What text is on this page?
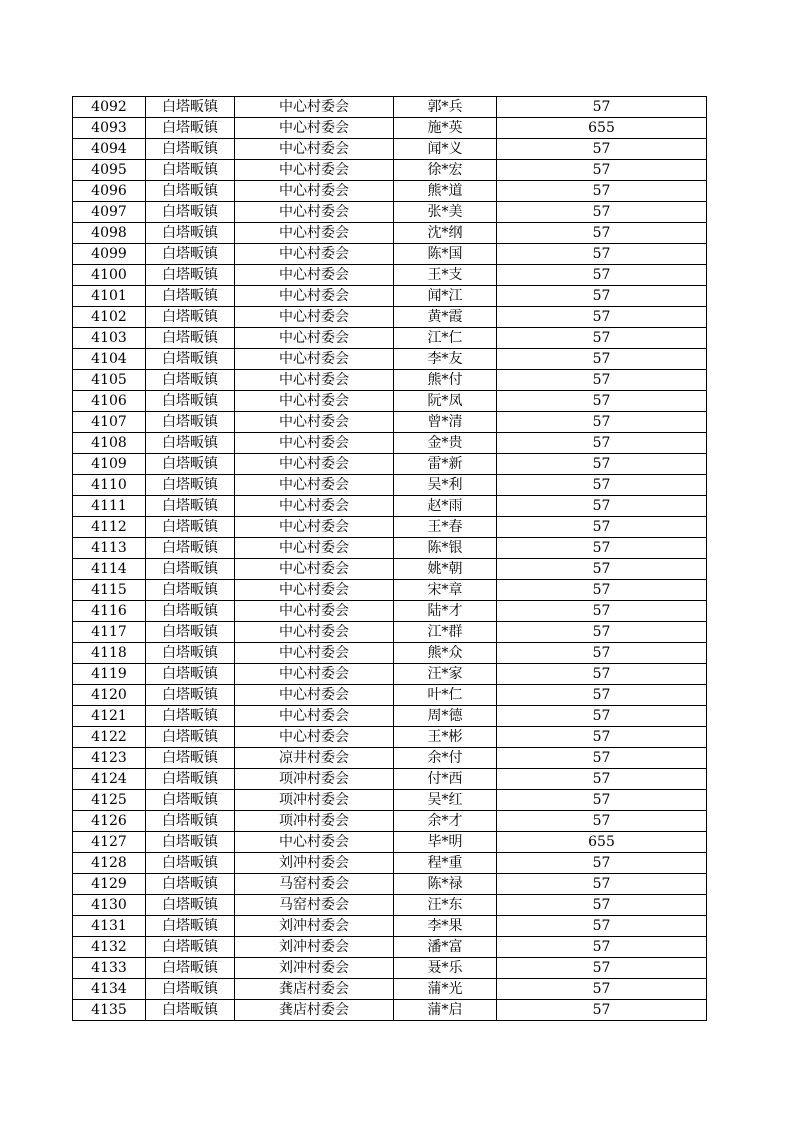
4092	白塔畈镇	中心村委会	郭*兵	57
4093	白塔畈镇	中心村委会	施*英	655
4094	白塔畈镇	中心村委会	闻*义	57
4095	白塔畈镇	中心村委会	徐*宏	57
4096	白塔畈镇	中心村委会	熊*道	57
4097	白塔畈镇	中心村委会	张*美	57
4098	白塔畈镇	中心村委会	沈*纲	57
4099	白塔畈镇	中心村委会	陈*国	57
4100	白塔畈镇	中心村委会	王*支	57
4101	白塔畈镇	中心村委会	闻*江	57
4102	白塔畈镇	中心村委会	黄*霞	57
4103	白塔畈镇	中心村委会	江*仁	57
4104	白塔畈镇	中心村委会	李*友	57
4105	白塔畈镇	中心村委会	熊*付	57
4106	白塔畈镇	中心村委会	阮*凤	57
4107	白塔畈镇	中心村委会	曾*清	57
4108	白塔畈镇	中心村委会	金*贵	57
4109	白塔畈镇	中心村委会	雷*新	57
4110	白塔畈镇	中心村委会	吴*利	57
4111	白塔畈镇	中心村委会	赵*雨	57
4112	白塔畈镇	中心村委会	王*春	57
4113	白塔畈镇	中心村委会	陈*银	57
4114	白塔畈镇	中心村委会	姚*朝	57
4115	白塔畈镇	中心村委会	宋*章	57
4116	白塔畈镇	中心村委会	陆*才	57
4117	白塔畈镇	中心村委会	江*群	57
4118	白塔畈镇	中心村委会	熊*众	57
4119	白塔畈镇	中心村委会	汪*家	57
4120	白塔畈镇	中心村委会	叶*仁	57
4121	白塔畈镇	中心村委会	周*德	57
4122	白塔畈镇	中心村委会	王*彬	57
4123	白塔畈镇	凉井村委会	余*付	57
4124	白塔畈镇	项冲村委会	付*西	57
4125	白塔畈镇	项冲村委会	吴*红	57
4126	白塔畈镇	项冲村委会	余*才	57
4127	白塔畈镇	中心村委会	毕*明	655
4128	白塔畈镇	刘冲村委会	程*重	57
4129	白塔畈镇	马窑村委会	陈*禄	57
4130	白塔畈镇	马窑村委会	汪*东	57
4131	白塔畈镇	刘冲村委会	李*果	57
4132	白塔畈镇	刘冲村委会	潘*富	57
4133	白塔畈镇	刘冲村委会	聂*乐	57
4134	白塔畈镇	龚店村委会	蒲*光	57
4135	白塔畈镇	龚店村委会	蒲*启	57
